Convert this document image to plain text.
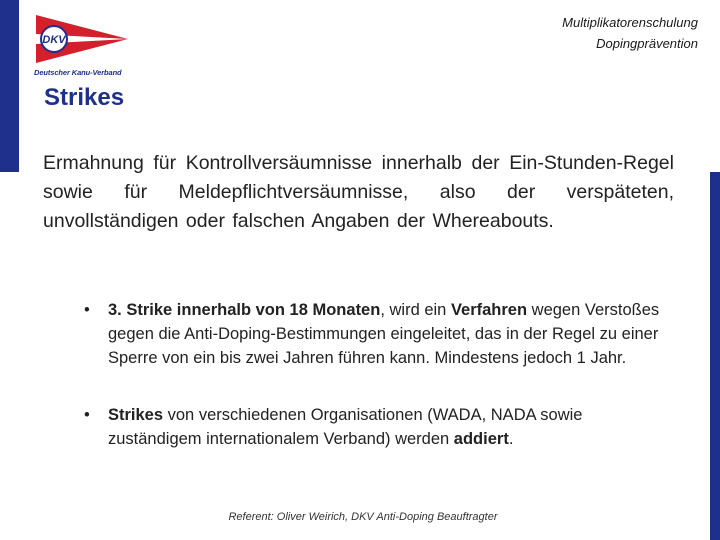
DKV
Deutscher Kanu-Verband
Multiplikatorenschulung
Dopingprävention
Strikes

Ermahnung für Kontrollversäumnisse innerhalb der Ein-Stunden-Regel sowie für Meldepflichtversäumnisse, also der verspäteten, unvollständigen oder falschen Angaben der Whereabouts.

• 3. Strike innerhalb von 18 Monaten, wird ein Verfahren wegen Verstoßes gegen die Anti-Doping-Bestimmungen eingeleitet, das in der Regel zu einer Sperre von ein bis zwei Jahren führen kann. Mindestens jedoch 1 Jahr.
• Strikes von verschiedenen Organisationen (WADA, NADA sowie zuständigem internationalem Verband) werden addiert.
Referent: Oliver Weirich, DKV Anti-Doping Beauftragter
